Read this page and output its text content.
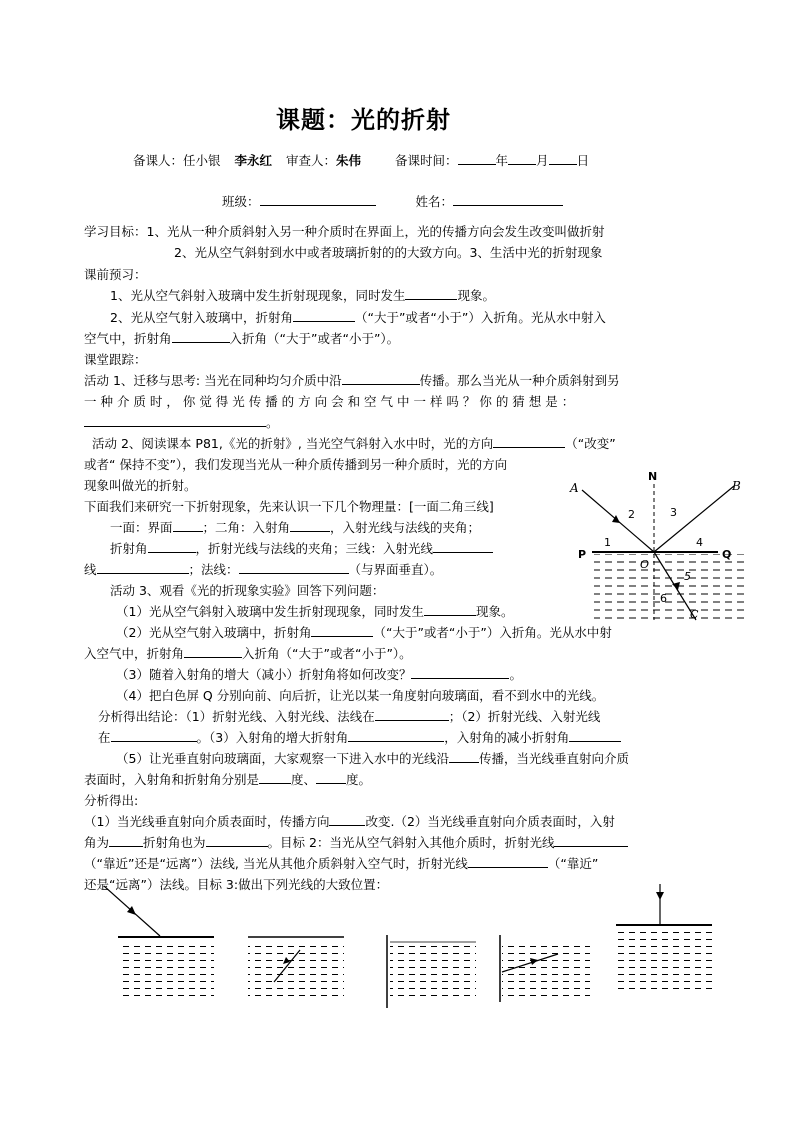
课题：光的折射
备课人：任小银 李永红 审查人：朱伟	备课时间：	年 月 日
班级：	姓名：
学习目标：1、光从一种介质斜射入另一种介质时在界面上，光的传播方向会发生改变叫做折射
2、光从空气斜射到水中或者玻璃折射的的大致方向。3、生活中光的折射现象
课前预习：
1、光从空气斜射入玻璃中发生折射现现象，同时发生	现象。
2、光从空气射入玻璃中，折射角	（“大于”或者“小于”）入折角。光从水中射入
空气中，折射角	入折角（“大于”或者“小于”）。
课堂跟踪：
活动 1、迁移与思考: 当光在同种均匀介质中沿	传播。那么当光从一种介质斜射到另
一 种 介 质 时 ， 你 觉 得 光 传 播 的 方 向 会 和 空 气 中 一 样 吗 ？ 你 的 猜 想 是 ：
。
活动 2、阅读课本 P81,《光的折射》, 当光空气斜射入水中时，光的方向	（“改变”
或者“ 保持不变”），我们发现当光从一种介质传播到另一种介质时，光的方向
现象叫做光的折射。
下面我们来研究一下折射现象，先来认识一下几个物理量：[一面二角三线]
一面：界面 ；二角：入射角	，入射光线与法线的夹角；
折射角	，折射光线与法线的夹角；三线：入射光线
线	；法线：	（与界面垂直）。
活动 3、观看《光的折现象实验》回答下列问题：
（1）光从空气斜射入玻璃中发生折射现现象，同时发生	现象。
（2）光从空气射入玻璃中，折射角	（“大于”或者“小于”）入折角。光从水中射
入空气中，折射角	入折角（“大于”或者“小于”）。
（3）随着入射角的增大（减小）折射角将如何改变？	。
（4）把白色屏 Q 分别向前、向后折，让光以某一角度射向玻璃面，看不到水中的光线。
分析得出结论：（1）折射光线、入射光线、法线在	；（2）折射光线、入射光线
在	。（3）入射角的增大折射角	，入射角的减小折射角
（5）让光垂直射向玻璃面，大家观察一下进入水中的光线沿 传播，当光线垂直射向介质
表面时，入射角和折射角分别是	度、 度。
分析得出:
（1）当光线垂直射向介质表面时，传播方向	改变.（2）当光线垂直射向介质表面时，入射
角为	折射角也为	。目标 2：当光从空气斜射入其他介质时，折射光线
（“靠近”还是“远离”）法线, 当光从其他介质斜射入空气时，折射光线	（“靠近”
还是“远离”）法线。目标 3:做出下列光线的大致位置：
A	B
N
P	Q
O
C
1
2	3
4
5
6
